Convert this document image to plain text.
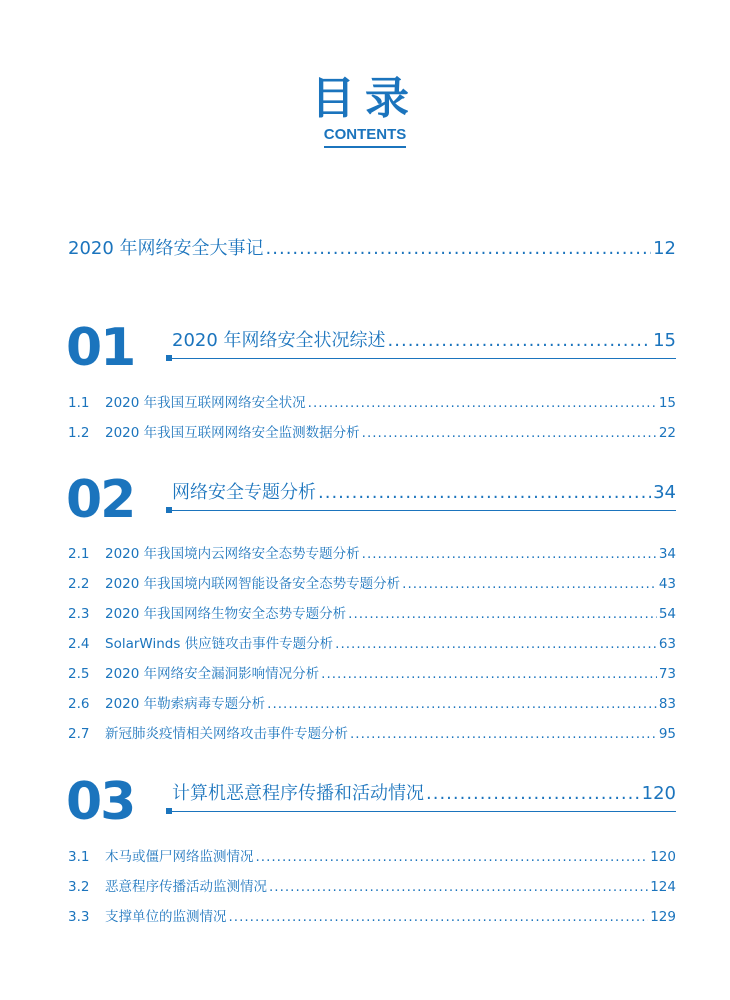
目录
CONTENTS
2020 年网络安全大事记 .....	12
01 2020 年网络安全状况综述 .....	15
1.1 2020 年我国互联网网络安全状况 .....	15
1.2 2020 年我国互联网网络安全监测数据分析 .....	22
02 网络安全专题分析 .....	34
2.1 2020 年我国境内云网络安全态势专题分析 .....	34
2.2 2020 年我国境内联网智能设备安全态势专题分析 .....	43
2.3 2020 年我国网络生物安全态势专题分析 .....	54
2.4 SolarWinds 供应链攻击事件专题分析 .....	63
2.5 2020 年网络安全漏洞影响情况分析 .....	73
2.6 2020 年勒索病毒专题分析 .....	83
2.7 新冠肺炎疫情相关网络攻击事件专题分析 .....	95
03 计算机恶意程序传播和活动情况 .....	120
3.1 木马或僵尸网络监测情况 .....	120
3.2 恶意程序传播活动监测情况 .....	124
3.3 支撑单位的监测情况 .....	129
